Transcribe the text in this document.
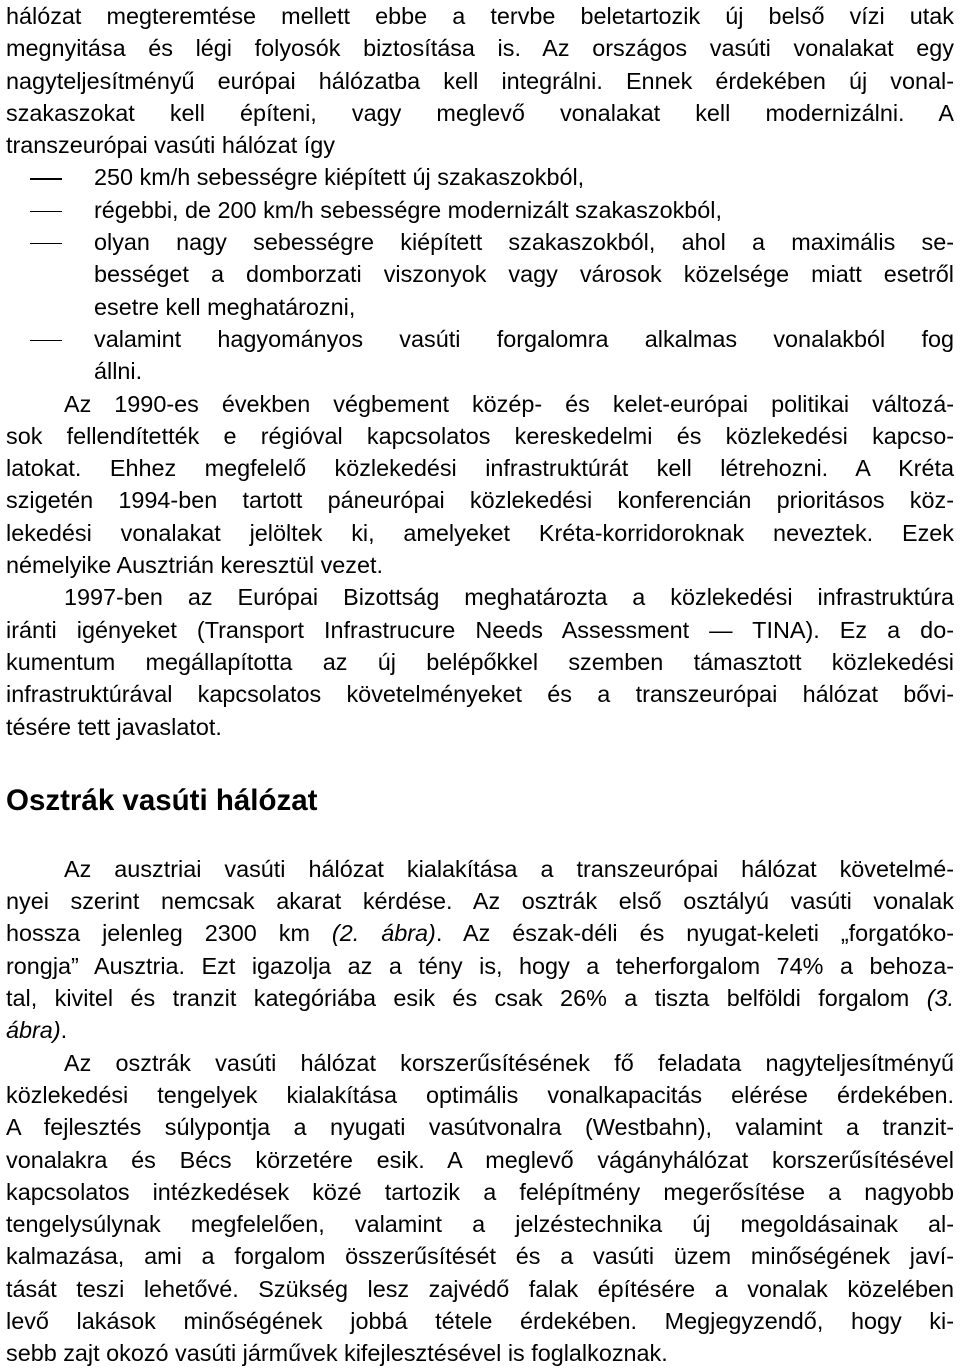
hálózat megteremtése mellett ebbe a tervbe beletartozik új belső vízi utak
megnyitása és légi folyosók biztosítása is. Az országos vasúti vonalakat egy
nagyteljesítményű európai hálózatba kell integrálni. Ennek érdekében új vonal-
szakaszokat kell építeni, vagy meglevő vonalakat kell modernizálni. A
transzeurópai vasúti hálózat így
250 km/h sebességre kiépített új szakaszokból,
régebbi, de 200 km/h sebességre modernizált szakaszokból,
olyan nagy sebességre kiépített szakaszokból, ahol a maximális se-
bességet a domborzati viszonyok vagy városok közelsége miatt esetről
esetre kell meghatározni,
valamint hagyományos vasúti forgalomra alkalmas vonalakból fog
állni.
Az 1990-es években végbement közép- és kelet-európai politikai változá-
sok fellendítették e régióval kapcsolatos kereskedelmi és közlekedési kapcso-
latokat. Ehhez megfelelő közlekedési infrastruktúrát kell létrehozni. A Kréta
szigetén 1994-ben tartott páneurópai közlekedési konferencián prioritásos köz-
lekedési vonalakat jelöltek ki, amelyeket Kréta-korridoroknak neveztek. Ezek
némelyike Ausztrián keresztül vezet.
1997-ben az Európai Bizottság meghatározta a közlekedési infrastruktúra
iránti igényeket (Transport Infrastrucure Needs Assessment — TINA). Ez a do-
kumentum megállapította az új belépőkkel szemben támasztott közlekedési
infrastruktúrával kapcsolatos követelményeket és a transzeurópai hálózat bővi-
tésére tett javaslatot.
Osztrák vasúti hálózat
Az ausztriai vasúti hálózat kialakítása a transzeurópai hálózat követelmé-
nyei szerint nemcsak akarat kérdése. Az osztrák első osztályú vasúti vonalak
hossza jelenleg 2300 km (2. ábra). Az észak-déli és nyugat-keleti „forgatóko-
rongja” Ausztria. Ezt igazolja az a tény is, hogy a teherforgalom 74% a behoza-
tal, kivitel és tranzit kategóriába esik és csak 26% a tiszta belföldi forgalom (3.
ábra) .
Az osztrák vasúti hálózat korszerűsítésének fő feladata nagyteljesítményű
közlekedési tengelyek kialakítása optimális vonalkapacitás elérése érdekében.
A fejlesztés súlypontja a nyugati vasútvonalra (Westbahn), valamint a tranzit-
vonalakra és Bécs körzetére esik. A meglevő vágányhálózat korszerűsítésével
kapcsolatos intézkedések közé tartozik a felépítmény megerősítése a nagyobb
tengelysúlynak megfelelően, valamint a jelzéstechnika új megoldásainak al-
kalmazása, ami a forgalom összerűsítését és a vasúti üzem minőségének javí-
tását teszi lehetővé. Szükség lesz zajvédő falak építésére a vonalak közelében
levő lakások minőségének jobbá tétele érdekében. Megjegyzendő, hogy ki-
sebb zajt okozó vasúti járművek kifejlesztésével is foglalkoznak.
